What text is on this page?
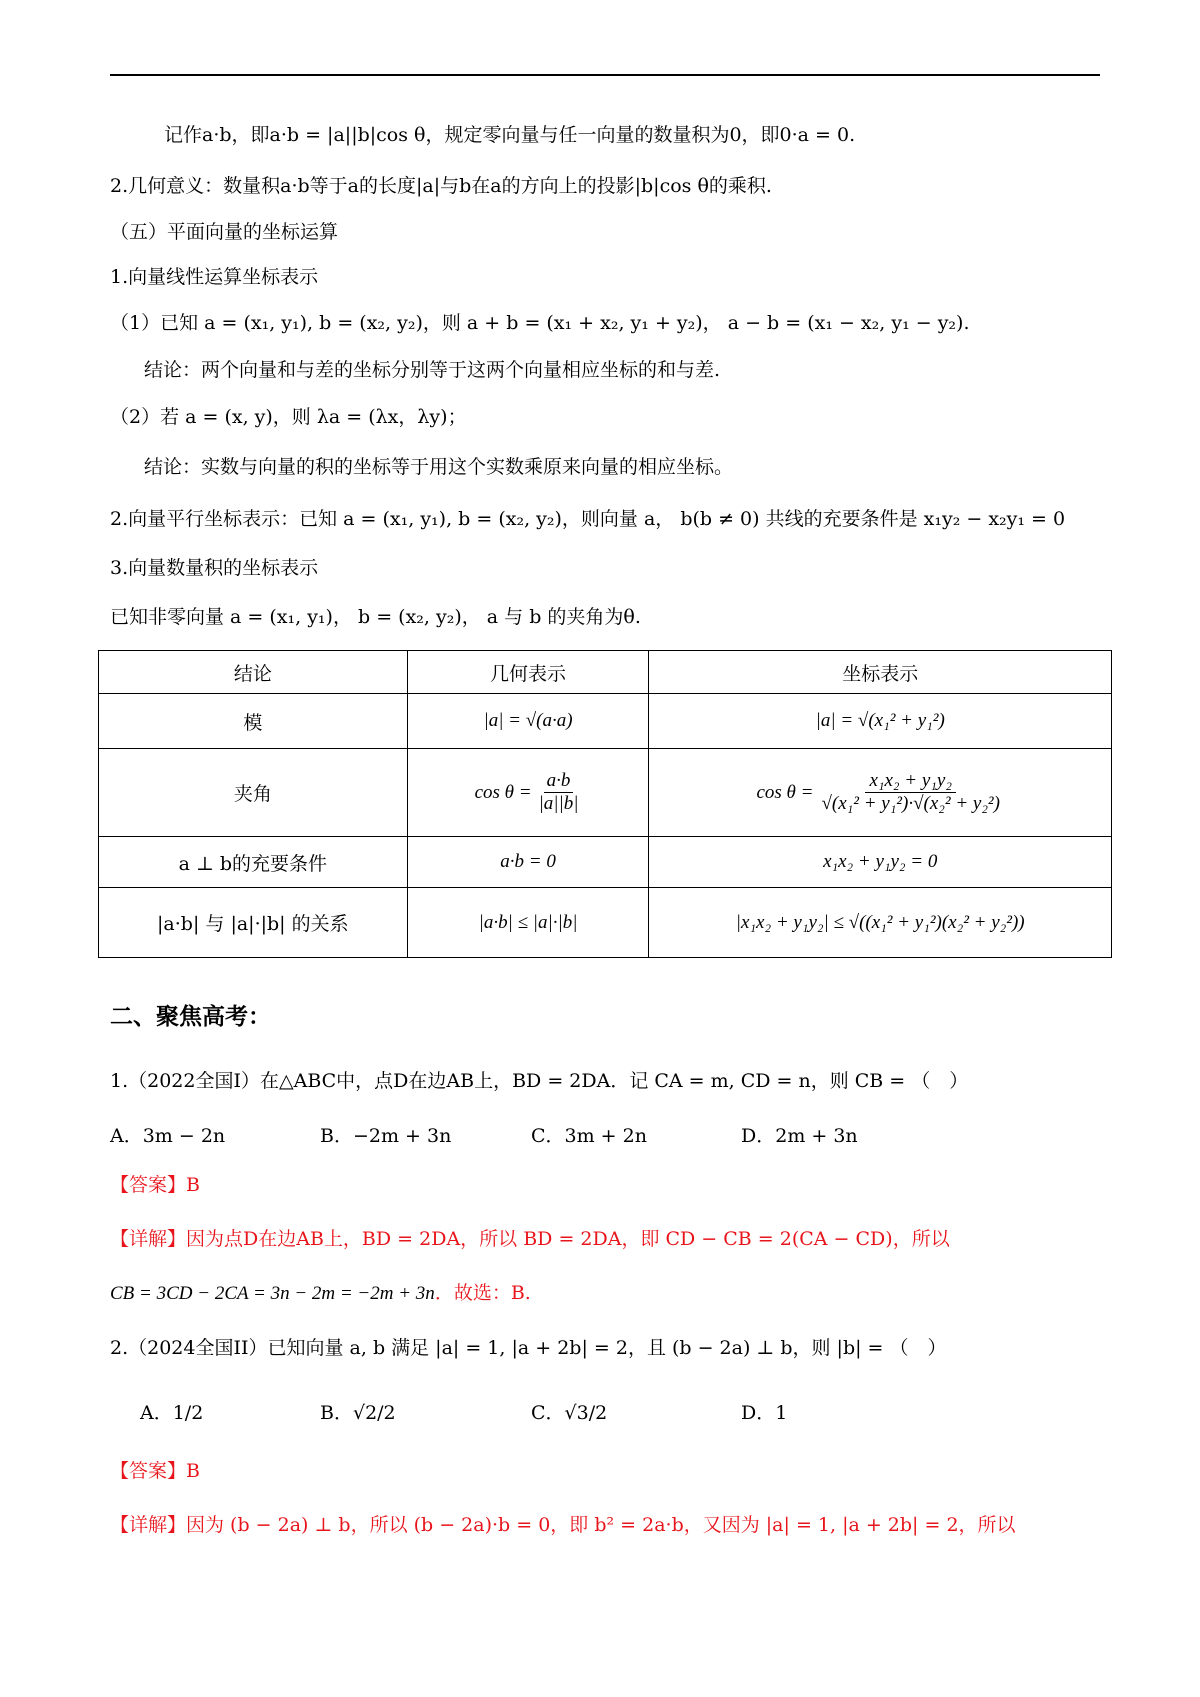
记作a·b，即a·b = |a||b|cos θ，规定零向量与任一向量的数量积为0，即0·a = 0.
2.几何意义：数量积a·b等于a的长度|a|与b在a的方向上的投影|b|cos θ的乘积.
（五）平面向量的坐标运算
1.向量线性运算坐标表示
（1）已知 a = (x₁, y₁), b = (x₂, y₂)，则 a + b = (x₁ + x₂, y₁ + y₂)， a − b = (x₁ − x₂, y₁ − y₂).
结论：两个向量和与差的坐标分别等于这两个向量相应坐标的和与差.
（2）若 a = (x, y)，则 λa = (λx，λy)；
结论：实数与向量的积的坐标等于用这个实数乘原来向量的相应坐标。
2.向量平行坐标表示：已知 a = (x₁, y₁), b = (x₂, y₂)，则向量 a， b(b ≠ 0) 共线的充要条件是 x₁y₂ − x₂y₁ = 0
3.向量数量积的坐标表示
已知非零向量 a = (x₁, y₁)， b = (x₂, y₂)， a 与 b 的夹角为θ.
结论	几何表示	坐标表示
模	|a| = √(a·a)	|a| = √(x₁² + y₁²)
夹角	$\cos \theta = \frac{a\cdot b}{|a||b|}$	$\cos \theta = \frac{\text{x₁x₂ + y₁y₂}}{\text{√(x₁² + y₁²)·√(x₂² + y₂²)}}$

a ⊥ b的充要条件	a·b = 0	x₁x₂ + y₁y₂ = 0
|a·b| 与 |a|·|b| 的关系	|a·b| ≤ |a|·|b|	|x₁x₂ + y₁y₂| ≤ √((x₁² + y₁²)(x₂² + y₂²))
二、聚焦高考：
1.（2022全国I）在△ABC中，点D在边AB上，BD = 2DA．记 CA = m, CD = n，则 CB = （　）
A．3m − 2n	B．−2m + 3n	C．3m + 2n	D．2m + 3n
【答案】B
【详解】因为点D在边AB上，BD = 2DA，所以 BD = 2DA，即 CD − CB = 2(CA − CD)，所以
CB = 3CD − 2CA = 3n − 2m = −2m + 3n．故选：B.
2.（2024全国II）已知向量 a, b 满足 |a| = 1, |a + 2b| = 2，且 (b − 2a) ⊥ b，则 |b| = （　）
A．1/2	B．√2/2	C．√3/2	D．1
【答案】B
【详解】因为 (b − 2a) ⊥ b，所以 (b − 2a)·b = 0，即 b² = 2a·b，又因为 |a| = 1, |a + 2b| = 2，所以
